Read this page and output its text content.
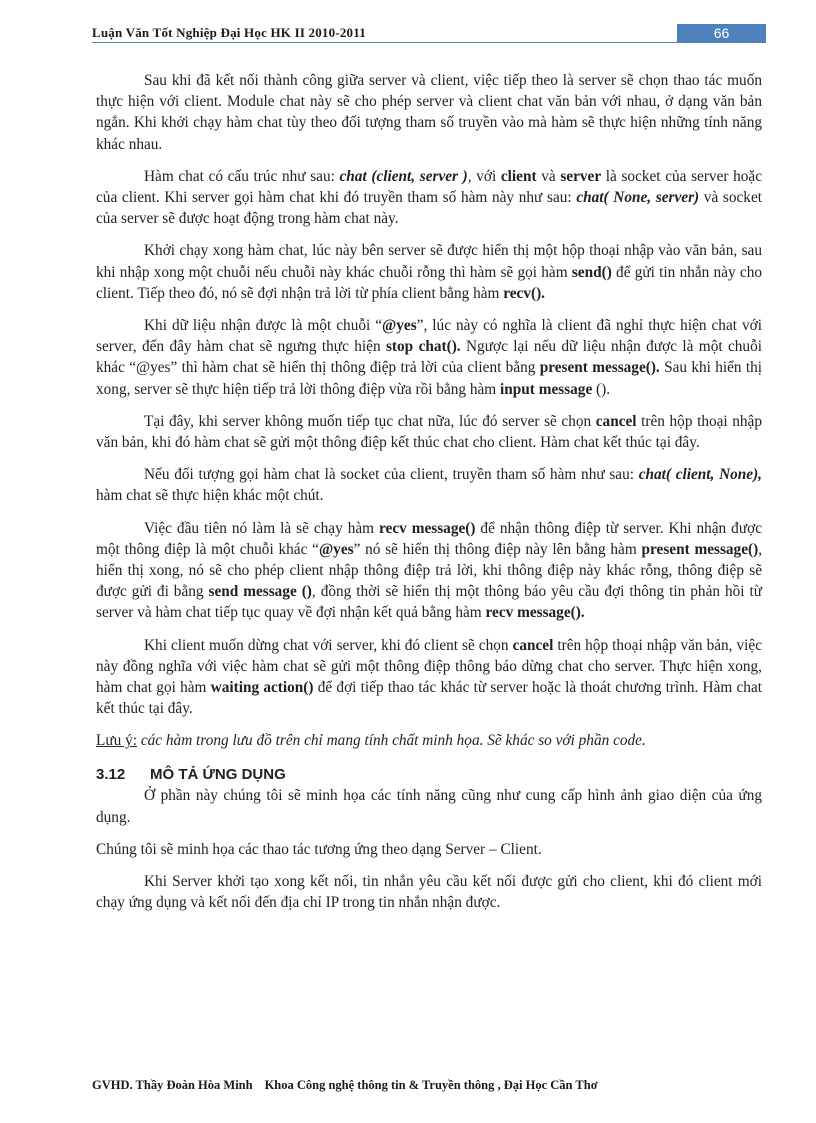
Luận Văn Tốt Nghiệp Đại Học HK II 2010-2011	66

Sau khi đã kết nối thành công giữa server và client, việc tiếp theo là server sẽ chọn thao tác muốn thực hiện với client. Module chat này sẽ cho phép server và client chat văn bản với nhau, ở dạng văn bản ngắn. Khi khởi chạy hàm chat tùy theo đối tượng tham số truyền vào mà hàm sẽ thực hiện những tính năng khác nhau.

Hàm chat có cấu trúc như sau: chat (client, server ), với client và server là socket của server hoặc của client. Khi server gọi hàm chat khi đó truyền tham số hàm này như sau: chat( None, server) và socket của server sẽ được hoạt động trong hàm chat này.

Khởi chạy xong hàm chat, lúc này bên server sẽ được hiển thị một hộp thoại nhập vào văn bản, sau khi nhập xong một chuỗi nếu chuỗi này khác chuỗi rỗng thì hàm sẽ gọi hàm send() để gửi tin nhắn này cho client. Tiếp theo đó, nó sẽ đợi nhận trả lời từ phía client bằng hàm recv().

Khi dữ liệu nhận được là một chuỗi “@yes”, lúc này có nghĩa là client đã nghỉ thực hiện chat với server, đến đây hàm chat sẽ ngưng thực hiện stop chat(). Ngược lại nếu dữ liệu nhận được là một chuỗi khác “@yes” thì hàm chat sẽ hiển thị thông điệp trả lời của client bằng present message(). Sau khi hiển thị xong, server sẽ thực hiện tiếp trả lời thông điệp vừa rồi bằng hàm input message ().

Tại đây, khi server không muốn tiếp tục chat nữa, lúc đó server sẽ chọn cancel trên hộp thoại nhập văn bản, khi đó hàm chat sẽ gửi một thông điệp kết thúc chat cho client. Hàm chat kết thúc tại đây.

Nếu đối tượng gọi hàm chat là socket của client, truyền tham số hàm như sau: chat( client, None), hàm chat sẽ thực hiện khác một chút.

Việc đầu tiên nó làm là sẽ chạy hàm recv message() để nhận thông điệp từ server. Khi nhận được một thông điệp là một chuỗi khác “@yes” nó sẽ hiển thị thông điệp này lên bằng hàm present message(), hiển thị xong, nó sẽ cho phép client nhập thông điệp trả lời, khi thông điệp này khác rỗng, thông điệp sẽ được gửi đi bằng send message (), đồng thời sẽ hiển thị một thông báo yêu cầu đợi thông tin phản hồi từ server và hàm chat tiếp tục quay về đợi nhận kết quả bằng hàm recv message().

Khi client muốn dừng chat với server, khi đó client sẽ chọn cancel trên hộp thoại nhập văn bản, việc này đồng nghĩa với việc hàm chat sẽ gửi một thông điệp thông báo dừng chat cho server. Thực hiện xong, hàm chat gọi hàm waiting action() để đợi tiếp thao tác khác từ server hoặc là thoát chương trình. Hàm chat kết thúc tại đây.

Lưu ý: các hàm trong lưu đồ trên chỉ mang tính chất minh họa. Sẽ khác so với phần code.

3.12 MÔ TẢ ỨNG DỤNG

Ở phần này chúng tôi sẽ minh họa các tính năng cũng như cung cấp hình ảnh giao diện của ứng dụng.

Chúng tôi sẽ minh họa các thao tác tương ứng theo dạng Server – Client.

Khi Server khởi tạo xong kết nối, tin nhắn yêu cầu kết nối được gửi cho client, khi đó client mới chạy ứng dụng và kết nối đến địa chỉ IP trong tin nhắn nhận được.

GVHD. Thầy Đoàn Hòa Minh Khoa Công nghệ thông tin & Truyền thông , Đại Học Cần Thơ
